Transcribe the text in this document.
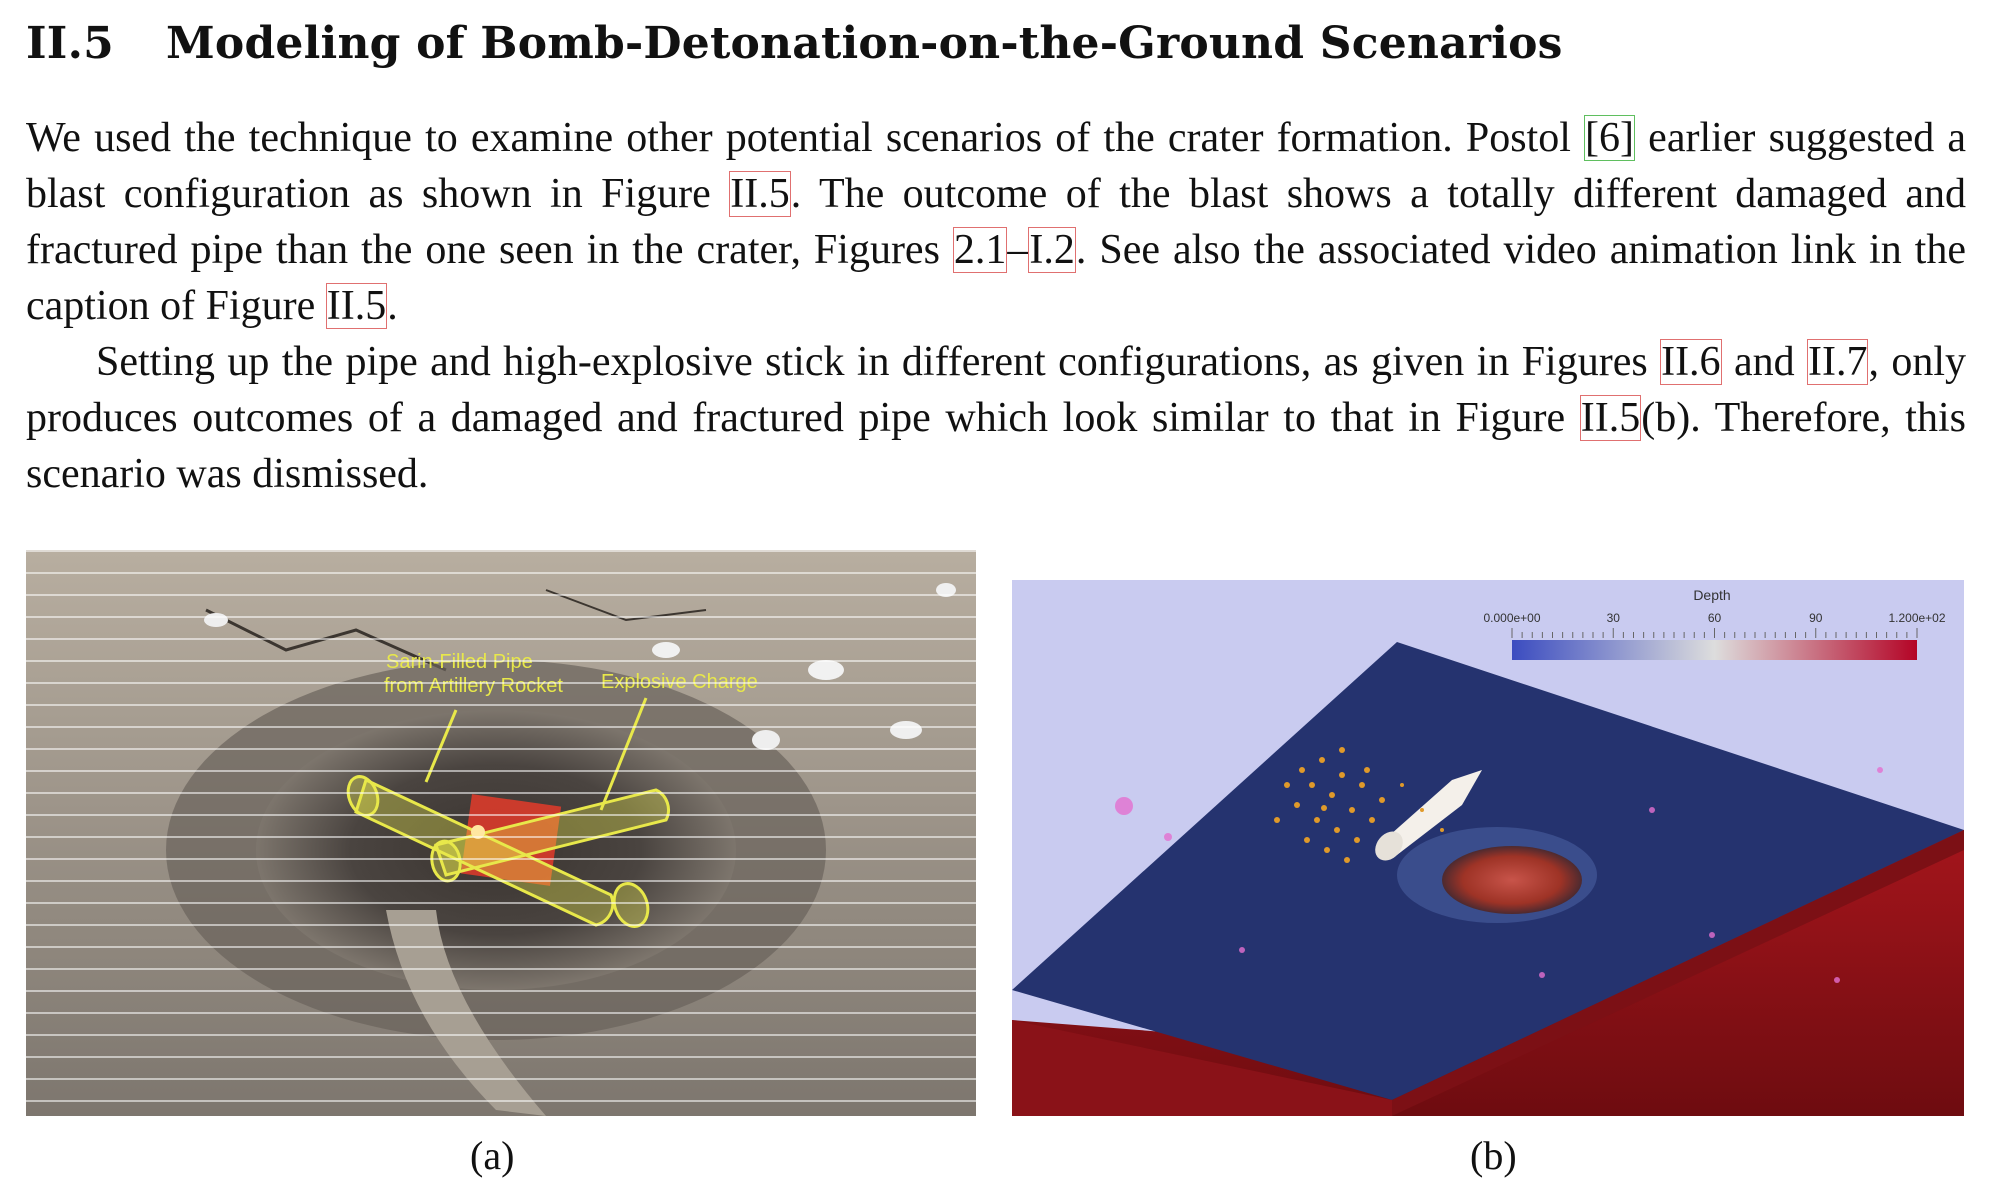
II.5 Modeling of Bomb-Detonation-on-the-Ground Scenarios

We used the technique to examine other potential scenarios of the crater formation. Postol [6] earlier suggested a blast configuration as shown in Figure II.5. The outcome of the blast shows a totally different damaged and fractured pipe than the one seen in the crater, Figures 2.1–I.2. See also the associated video animation link in the caption of Figure II.5.

Setting up the pipe and high-explosive stick in different configurations, as given in Figures II.6 and II.7, only produces outcomes of a damaged and fractured pipe which look similar to that in Figure II.5(b). Therefore, this scenario was dismissed.

Depth
0.000e+00	30	60	90	1.200e+02
(a)	(b)
